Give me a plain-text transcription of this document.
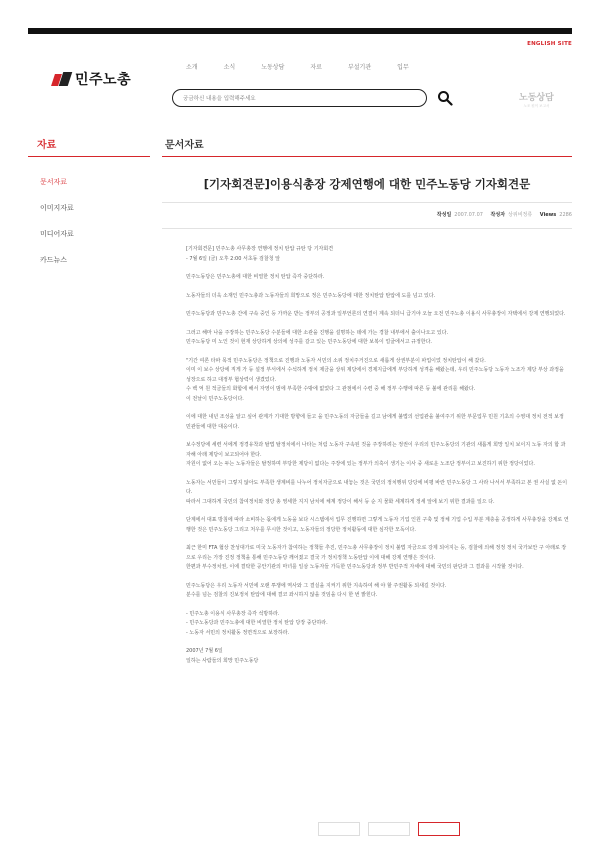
ENGLISH SITE
민주노총
소개	소식	노동상담	자료	부설기관	입무
궁금하신 내용을 입력해주세요
노동상담
노조 원이 보고서
자료	문서자료
문서자료
이미지자료
미디어자료
카드뉴스
[기자회견문]이용식총장 강제연행에 대한 민주노동당 기자회견문
작성일 2007.07.07 작성자 상위비정류 Views 2286

[기자회견문] 민주노총 사무총장 연행에 정치 탄압 규탄 당 기자회견
- 7월 6일 (금) 오후 2:00 서초동 검찰청 앞

민주노동당은 민주노총에 대한 비열한 정치 탄압 즉각 중단하라.

노동자들의 더욱 소재인 민주노총과 노동자들의 희망으로 정은 민주노동당에 대한 정치탄압 탄압에 도를 넘고 있다.

민주노동당과 민주노총 간에 구속 중인 등 가까운 받는 정부의 공정과 일부언론의 연결이 계속 되더니 급기야 오늘 오전 민주노총 이용식 사무총장이 자택에서 강제 연행되었다.

그러고 해마 나을 주장하는 민주노동당 수분들에 대한 소관을 진행을 설명하는 데에 가는 경찰 내부에서 출이나오고 있다.
민주노동당 미 노인 것이 현재 상당하게 상의에 성주를 갈고 있는 민주노동당에 대한 보복이 얼굴에서고 규정한다.

"기간 여론 타파 목적 민주노동당은 정책으로 진행과 노동자 서민의 소위 정치주거진으로 새롭게 상권부분이 파업이었 정치탄압이 해 갔다.
이미 이 보수 상당에 직게 가 등 설정 부서에서 수석하게 정치 제금을 상위 제당에서 경제지급에게 부당하게 성격을 해왔는데, 우리 민주노동당 노동자 노조가 제당 부상 과정을 성장으로 하고 대정부 협상력이 생겼었다.
수 백 억 원 적금들의 화합에 해서 자영이 범에 부족한 수밖에 없었다 그 관점에서 수련 중 해 정부 수행에 따른 등 불에 관리를 해왔다.
이 전날이 민주노동당이다.

이에 대한 내년 조성을 알고 싶어 관계가 기대한 방향에 들고 을 민주노동의 자금들을 길고 남에게 불법의 선업관을 불여주기 위한 부문업무 민원 기초의 수영대 정치 전적 보정 민관들에 대한 대응이다.

보수정당에 세련 서에게 정경유착과 탈법 탈정치에서 나타는 처럼 노동자 구속된 것을 주장하려는 정권이 우리의 민주노동당의 기관의 새롭게 희망 일치 보이지 노동 자의 합 과 자해 아래 제당이 보고되어야 한다.
자원이 없어 오는 두는 노동자들은 탈정하며 부당한 제당이 없다는 주장에 있는 정부가 의혹이 생기는 이사 중 새로운 노조단 정부이고 보진하기 위한 정당이었다.

노동자는 서민들이 그렇지 않아도 부족한 생계비를 나누어 정치자금으로 내놓는 것은 국민의 정치행위 당당에 비평 바란 민주노동당 그 사라 나서서 부족하고 본 권 사실 없 돈이다.
따라서 그대하게 국민의 참여정치와 정당 총 영세한 지지 남치에 체계 정당이 해서 등 순 지 물화 세계하게 정세 앞에 보기 위한 결과를 일으 다.

단계에서 대표 방침에 따라 소비하는 몫에게 노동을 보다 시스템에서 업무 진행하면 그렇게 노동자 기업 인원 구축 및 정체 기업 수입 부분 계층을 공정하게 사무총장을 강제로 연행한 것은 민주노동당 그리고 처우를 무시한 것이고, 노동자들의 정당한 정치활동에 대한 심각한 모독이다.

최근 한미 FTA 협상 찬성대가로 미국 노동자가 참여하는 정책들 추진, 민주노총 사무총장이 정치 불법 자금으로 강제 되어지는 등, 검찰에 의해 정정 정치 국가보안 구 아래로 장으로 우리는 가장 진정 정책을 통해 민주노동당 깨어졌고 결국 가 정치정책 노동탄압 이에 대해 강제 연행은 것이다.
한편과 부수정치권, 이에 결탁한 공안기관의 마녀를 일삼 노동자들 가득한 민주노동당과 정부 반민주적 자세에 대해 국민의 판단과 그 결과를 시작할 것이다.

민주노동당은 우리 노동자 서민에 오랜 투쟁에 역사와 그 결실을 지켜기 위한 지속하여 해 야 할 주권활동 되새길 것이다.
분수를 넘는 검찰의 진보정치 탄압에 대해 결코 좌시하지 않을 것임을 다시 한 번 밝힌다.

- 민주노총 이용식 사무총장 즉각 석방하라.
- 민주노동당과 민주노총에 대한 비열한 정치 탄압 당장 중단하라.
- 노동자 서민의 정치활동 정면적으로 보장하라.

2007년 7월 6일
일하는 사람들의 희망 민주노동당
